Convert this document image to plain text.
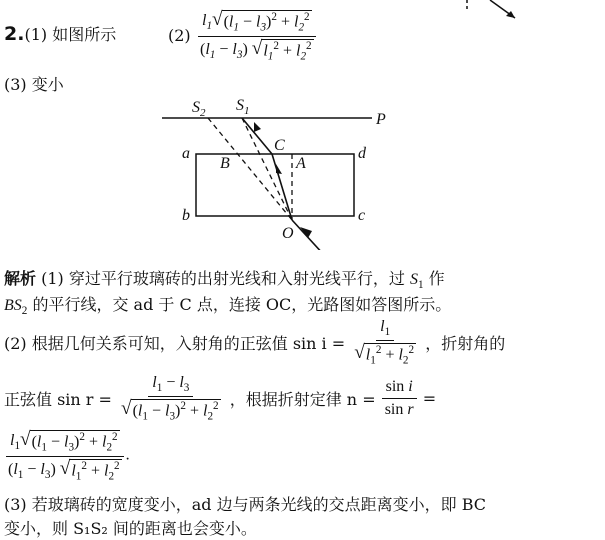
2.(1) 如图所示	$(2) \frac{l_1 √ (l_1 - l_3)^2 + l_2^2}{(l_1 - l_3) √ l_1^2 + l_2^2}$
(3) 变小
$S_2$ $S_1$	P
C
a	d
B	A
b	c
O
解析 (1) 穿过平行玻璃砖的出射光线和入射光线平行，过 $S_1$ 作
$BS_2$ 的平行线，交 ad 于 C 点，连接 OC，光路图如答图所示。
(2) 根据几何关系可知，入射角的正弦值 $\sin i = \frac{l_1}{√ l_1^2 + l_2^2}$ ，折射角的
正弦值 $\sin r = \frac{l_1 - l_3}{√ (l_1 - l_3)^2 + l_2^2}$ ，根据折射定律 $n = \frac{\text{sin i}}{\text{sin r}}$ =
$\frac{l_1 √ (l_1 - l_3)^2 + l_2^2}{(l_1 - l_3) √ l_1^2 + l_2^2}$ .
(3) 若玻璃砖的宽度变小，ad 边与两条光线的交点距离变小，即 BC
变小，则 S₁S₂ 间的距离也会变小。
